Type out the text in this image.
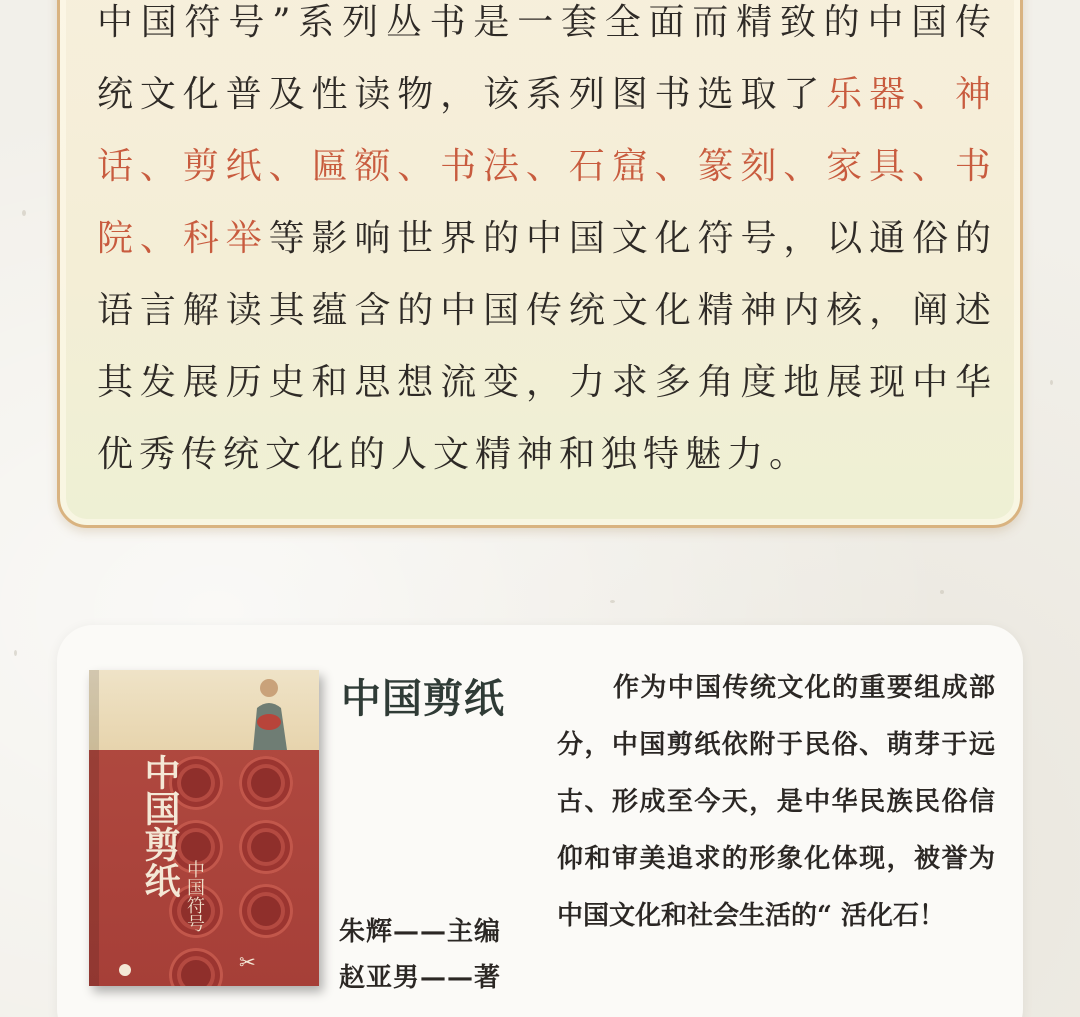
中国符号”系列丛书是一套全面而精致的中国传统文化普及性读物，该系列图书选取了乐器、神话、剪纸、匾额、书法、石窟、篆刻、家具、书院、科举等影响世界的中国文化符号，以通俗的语言解读其蕴含的中国传统文化精神内核，阐述其发展历史和思想流变，力求多角度地展现中华优秀传统文化的人文精神和独特魅力。

中国剪纸 中国符号
✂
中国剪纸
朱辉——主编
赵亚男——著

作为中国传统文化的重要组成部分，中国剪纸依附于民俗、萌芽于远古、形成至今天，是中华民族民俗信仰和审美追求的形象化体现，被誉为中国文化和社会生活的“ 活化石！
